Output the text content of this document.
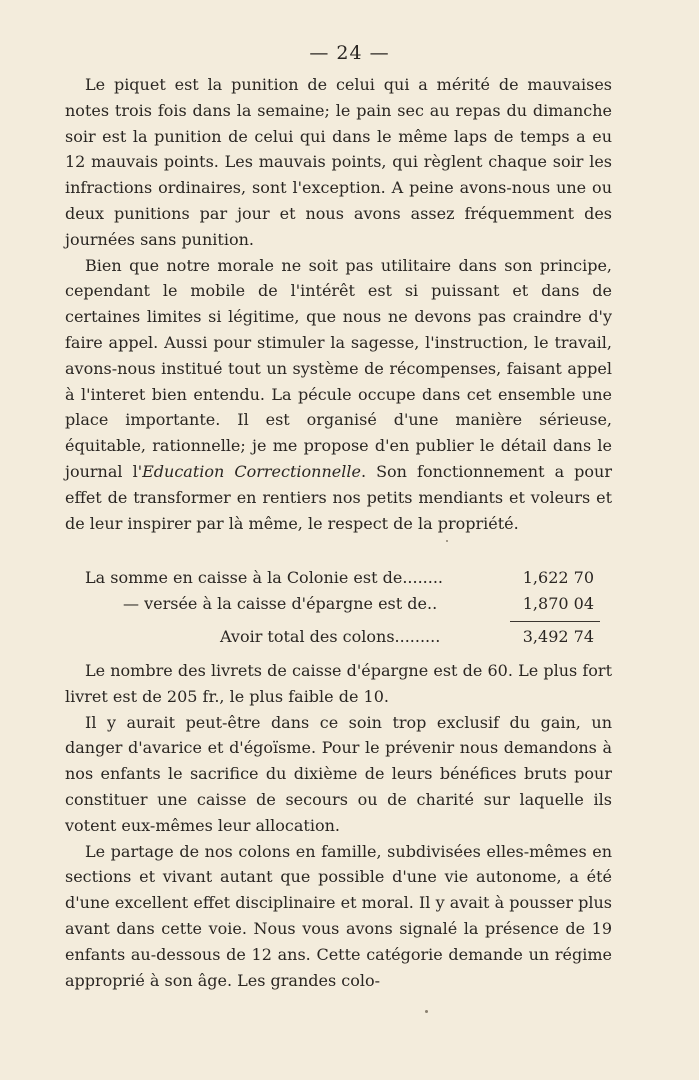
— 24 —

Le piquet est la punition de celui qui a mérité de mauvaises notes trois fois dans la semaine; le pain sec au repas du dimanche soir est la punition de celui qui dans le même laps de temps a eu 12 mauvais points. Les mauvais points, qui règlent chaque soir les infractions ordinaires, sont l'exception. A peine avons-nous une ou deux punitions par jour et nous avons assez fréquemment des journées sans punition.

Bien que notre morale ne soit pas utilitaire dans son principe, cependant le mobile de l'intérêt est si puissant et dans de certaines limites si légitime, que nous ne devons pas craindre d'y faire appel. Aussi pour stimuler la sagesse, l'instruction, le travail, avons-nous institué tout un système de récompenses, faisant appel à l'interet bien entendu. La pécule occupe dans cet ensemble une place importante. Il est organisé d'une manière sérieuse, équitable, rationnelle; je me propose d'en publier le détail dans le journal l'Education Correctionnelle. Son fonctionnement a pour effet de transformer en rentiers nos petits mendiants et voleurs et de leur inspirer par là même, le respect de la propriété.

La somme en caisse à la Colonie est de........	1,622 70
— versée à la caisse d'épargne est de..	1,870 04
Avoir total des colons.........	3,492 74

Le nombre des livrets de caisse d'épargne est de 60. Le plus fort livret est de 205 fr., le plus faible de 10.

Il y aurait peut-être dans ce soin trop exclusif du gain, un danger d'avarice et d'égoïsme. Pour le prévenir nous demandons à nos enfants le sacrifice du dixième de leurs bénéfices bruts pour constituer une caisse de secours ou de charité sur laquelle ils votent eux-mêmes leur allocation.

Le partage de nos colons en famille, subdivisées elles-mêmes en sections et vivant autant que possible d'une vie autonome, a été d'une excellent effet disciplinaire et moral. Il y avait à pousser plus avant dans cette voie. Nous vous avons signalé la présence de 19 enfants au-dessous de 12 ans. Cette catégorie demande un régime approprié à son âge. Les grandes colo-
